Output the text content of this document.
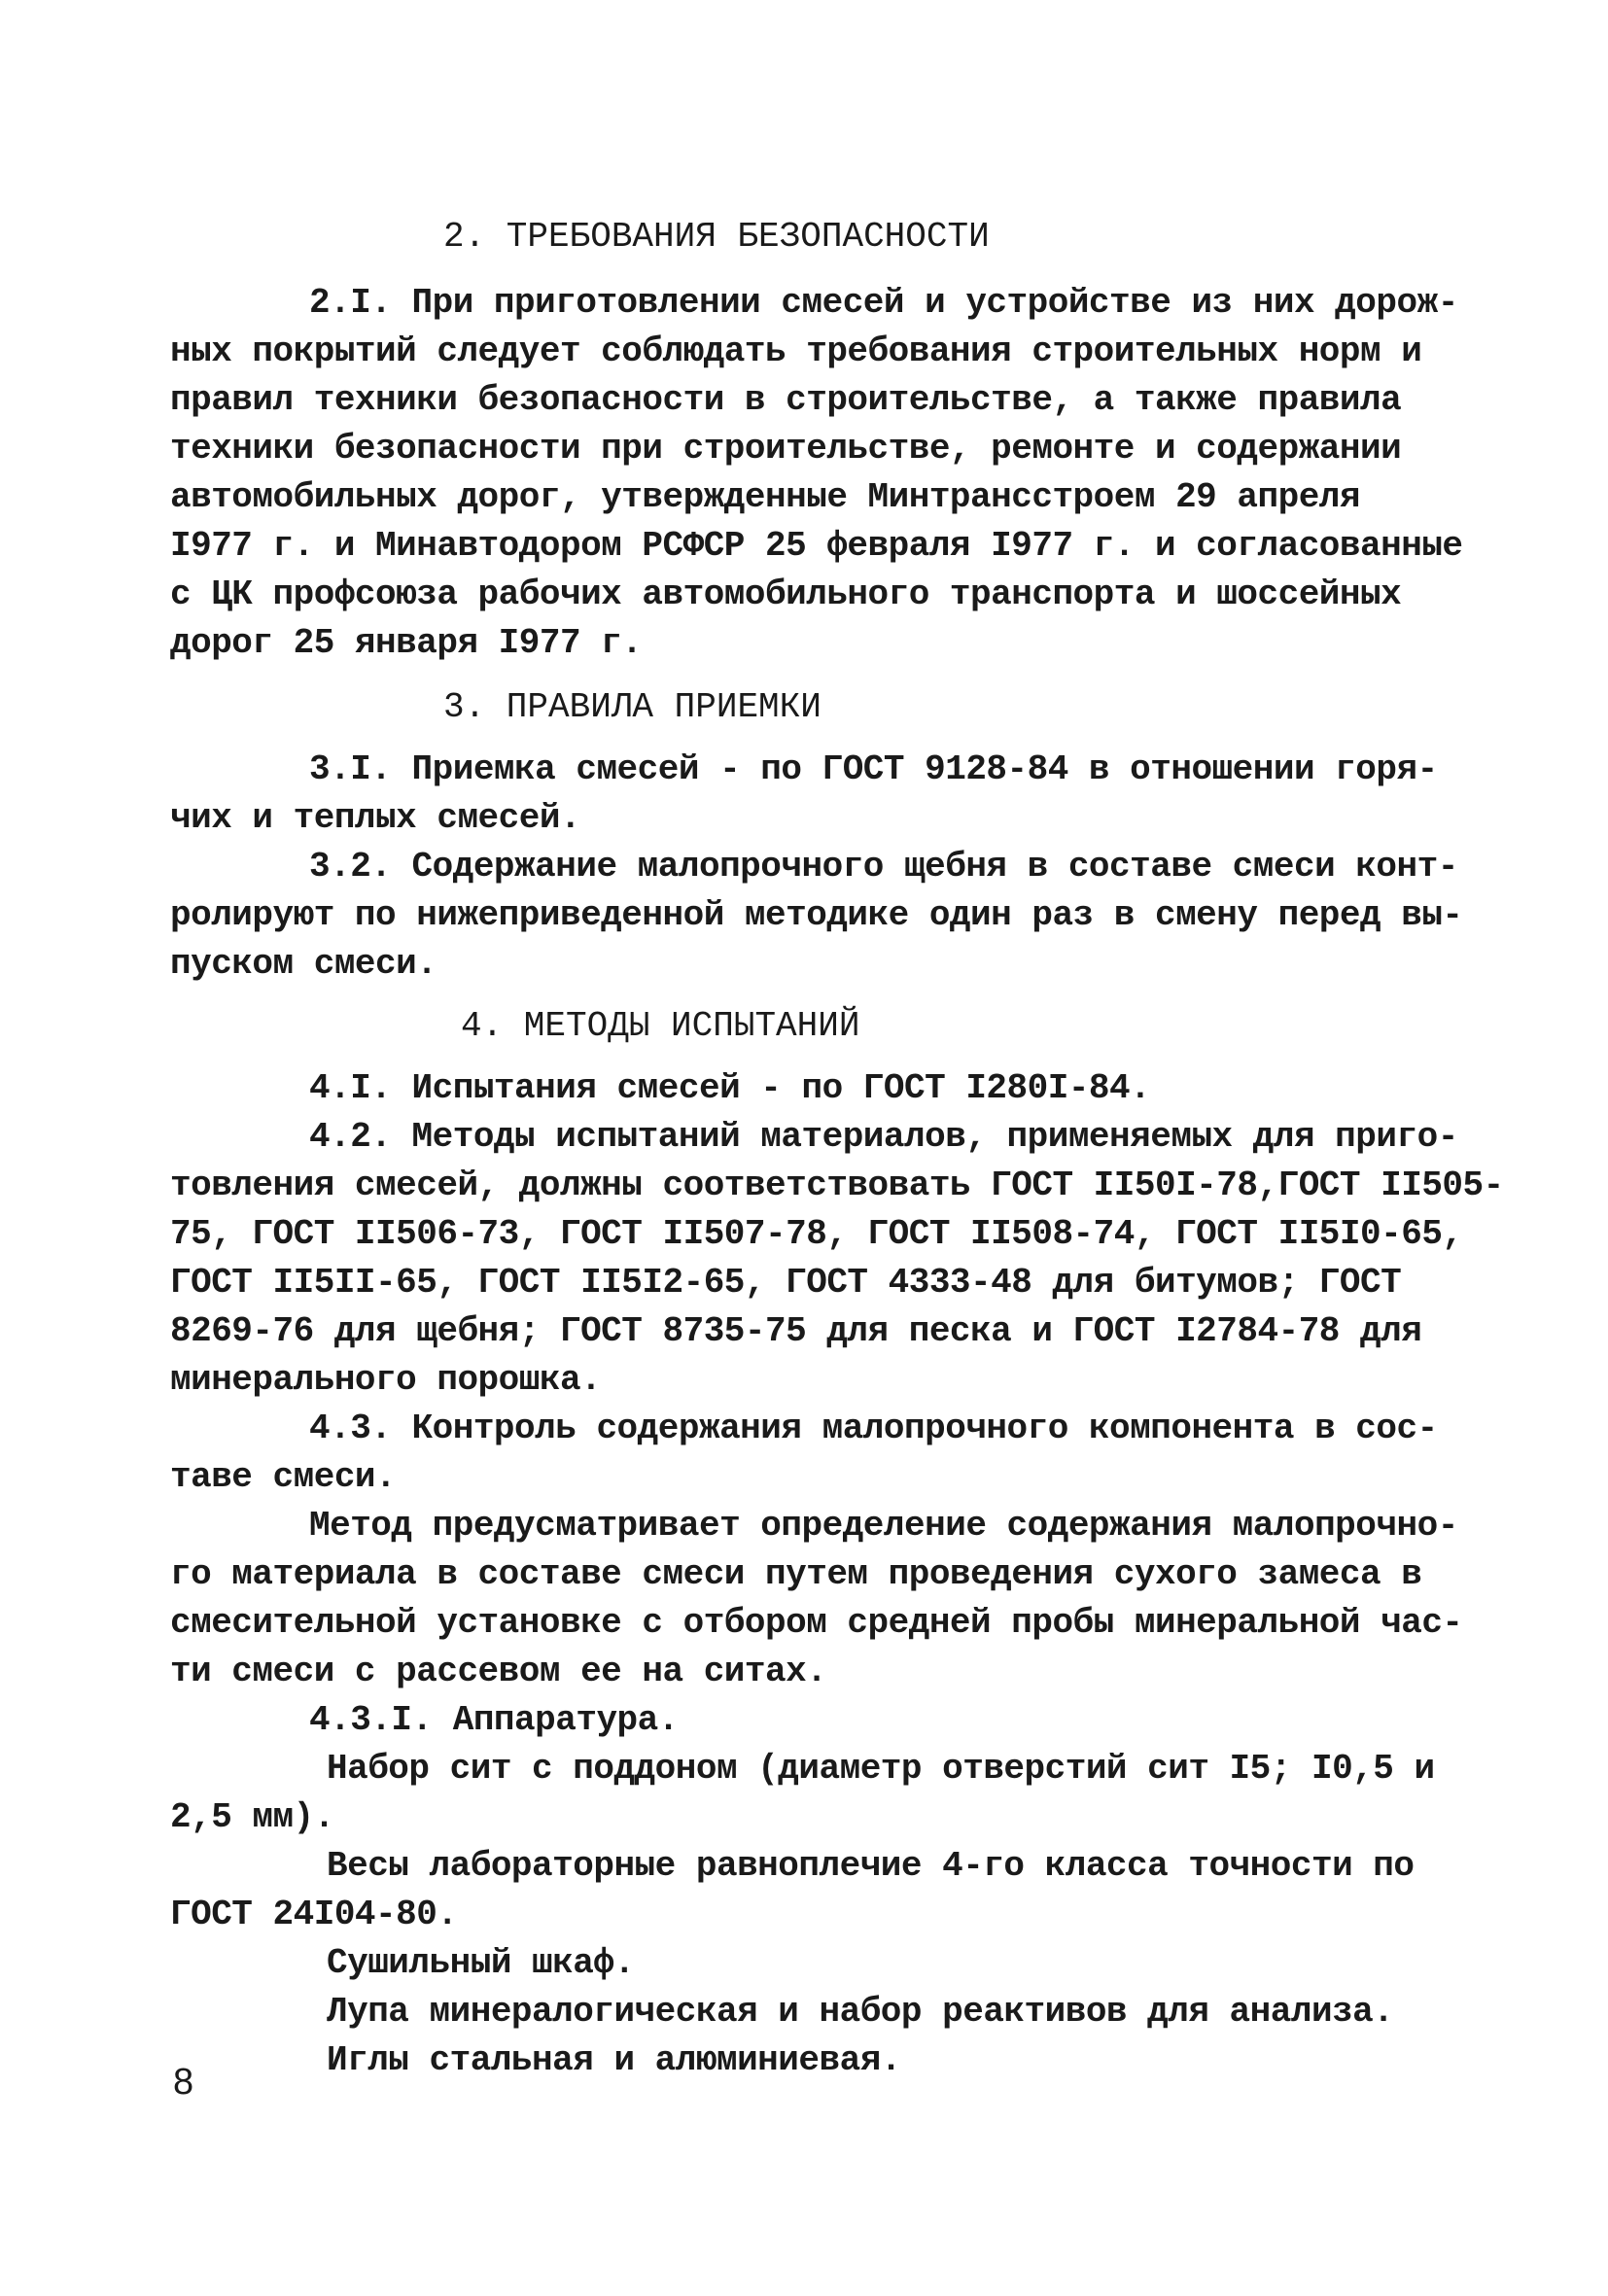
2. ТРЕБОВАНИЯ БЕЗОПАСНОСТИ
2.I. При приготовлении смесей и устройстве из них дорож-
ных покрытий следует соблюдать требования строительных норм и
правил техники безопасности в строительстве, а также правила
техники безопасности при строительстве, ремонте и содержании
автомобильных дорог, утвержденные Минтрансстроем 29 апреля
I977 г. и Минавтодором РСФСР 25 февраля I977 г. и согласованные
с ЦК профсоюза рабочих автомобильного транспорта и шоссейных
дорог 25 января I977 г.
3. ПРАВИЛА ПРИЕМКИ
3.I. Приемка смесей - по ГОСТ 9128-84 в отношении горя-
чих и теплых смесей.
3.2. Содержание малопрочного щебня в составе смеси конт-
ролируют по нижеприведенной методике один раз в смену перед вы-
пуском смеси.
4. МЕТОДЫ ИСПЫТАНИЙ
4.I. Испытания смесей - по ГОСТ I280I-84.
4.2. Методы испытаний материалов, применяемых для приго-
товления смесей, должны соответствовать ГОСТ II50I-78,ГОСТ II505-
75, ГОСТ II506-73, ГОСТ II507-78, ГОСТ II508-74, ГОСТ II5I0-65,
ГОСТ II5II-65, ГОСТ II5I2-65, ГОСТ 4333-48 для битумов; ГОСТ
8269-76 для щебня; ГОСТ 8735-75 для песка и ГОСТ I2784-78 для
минерального порошка.
4.3. Контроль содержания малопрочного компонента в сос-
таве смеси.
Метод предусматривает определение содержания малопрочно-
го материала в составе смеси путем проведения сухого замеса в
смесительной установке с отбором средней пробы минеральной час-
ти смеси с рассевом ее на ситах.
4.3.I. Аппаратура.
Набор сит с поддоном (диаметр отверстий сит I5; I0,5 и
2,5 мм).
Весы лабораторные равноплечие 4-го класса точности по
ГОСТ 24I04-80.
Сушильный шкаф.
Лупа минералогическая и набор реактивов для анализа.
Иглы стальная и алюминиевая.
8
